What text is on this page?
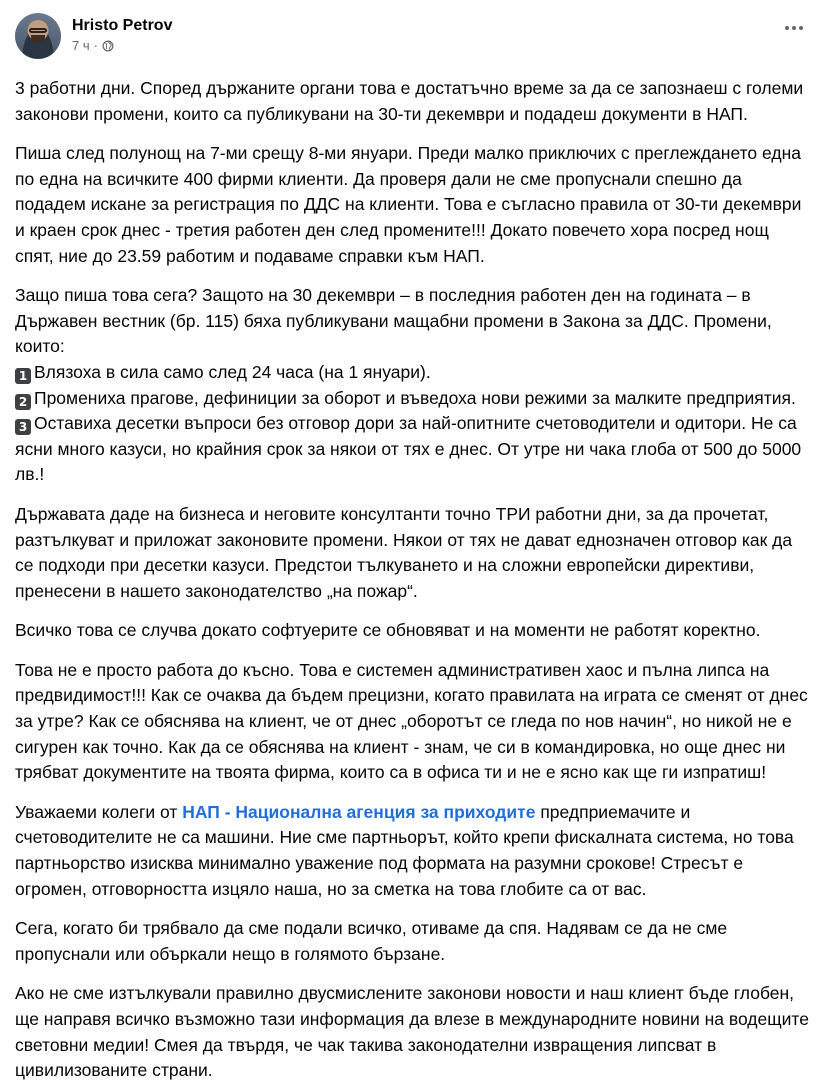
Hristo Petrov
7 ч ·

3 работни дни. Според държаните органи това е достатъчно време за да се запознаеш с големи законови промени, които са публикувани на 30-ти декември и подадеш документи в НАП.

Пиша след полунощ на 7-ми срещу 8-ми януари. Преди малко приключих с преглеждането една по една на всичките 400 фирми клиенти. Да проверя дали не сме пропуснали спешно да подадем искане за регистрация по ДДС на клиенти. Това е съгласно правила от 30-ти декември и краен срок днес - третия работен ден след промените!!! Докато повечето хора посред нощ спят, ние до 23.59 работим и подаваме справки към НАП.

Защо пиша това сега? Защото на 30 декември – в последния работен ден на годината – в Държавен вестник (бр. 115) бяха публикувани мащабни промени в Закона за ДДС. Промени, които:

1 Влязоха в сила само след 24 часа (на 1 януари).
2 Промениха прагове, дефиниции за оборот и въведоха нови режими за малките предприятия.
3 Оставиха десетки въпроси без отговор дори за най-опитните счетоводители и одитори. Не са ясни много казуси, но крайния срок за някои от тях е днес. От утре ни чака глоба от 500 до 5000 лв.!

Държавата даде на бизнеса и неговите консултанти точно ТРИ работни дни, за да прочетат, разтълкуват и приложат законовите промени. Някои от тях не дават еднозначен отговор как да се подходи при десетки казуси. Предстои тълкуването и на сложни европейски директиви, пренесени в нашето законодателство „на пожар“.

Всичко това се случва докато софтуерите се обновяват и на моменти не работят коректно.

Това не е просто работа до късно. Това е системен административен хаос и пълна липса на предвидимост!!! Как се очаква да бъдем прецизни, когато правилата на играта се сменят от днес за утре? Как се обяснява на клиент, че от днес „оборотът се гледа по нов начин“, но никой не е сигурен как точно. Как да се обяснява на клиент - знам, че си в командировка, но още днес ни трябват документите на твоята фирма, които са в офиса ти и не е ясно как ще ги изпратиш!

Уважаеми колеги от НАП - Национална агенция за приходите предприемачите и счетоводителите не са машини. Ние сме партньорът, който крепи фискалната система, но това партньорство изисква минимално уважение под формата на разумни срокове! Стресът е огромен, отговорността изцяло наша, но за сметка на това глобите са от вас.

Сега, когато би трябвало да сме подали всичко, отиваме да спя. Надявам се да не сме пропуснали или объркали нещо в голямото бързане.

Ако не сме изтълкували правилно двусмислените законови новости и наш клиент бъде глобен, ще направя всичко възможно тази информация да влезе в международните новини на водещите световни медии! Смея да твърдя, че чак такива законодателни извращения липсват в цивилизованите страни.
